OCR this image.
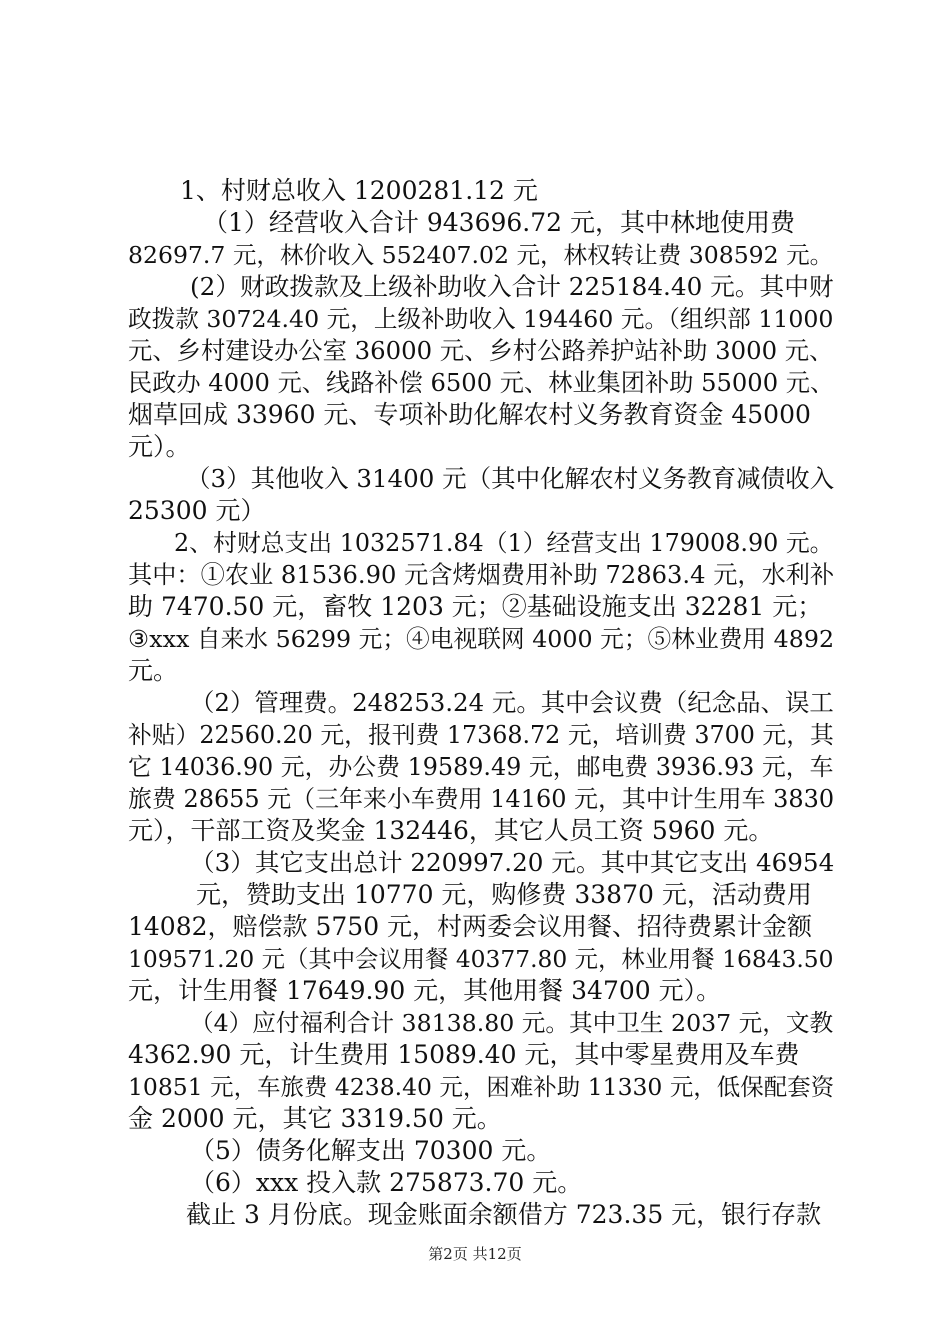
1、村财总收入 1200281.12 元
（1）经营收入合计 943696.72 元，其中林地使用费
82697.7 元，林价收入 552407.02 元，林权转让费 308592 元。
(2）财政拨款及上级补助收入合计 225184.40 元。其中财
政拨款 30724.40 元，上级补助收入 194460 元。（组织部 11000
元、乡村建设办公室 36000 元、乡村公路养护站补助 3000 元、
民政办 4000 元、线路补偿 6500 元、林业集团补助 55000 元、
烟草回成 33960 元、专项补助化解农村义务教育资金 45000
元）。
（3）其他收入 31400 元（其中化解农村义务教育减债收入
25300 元）
2、村财总支出 1032571.84（1）经营支出 179008.90 元。
其中：①农业 81536.90 元含烤烟费用补助 72863.4 元，水利补
助 7470.50 元，畜牧 1203 元；②基础设施支出 32281 元；
③xxx 自来水 56299 元；④电视联网 4000 元；⑤林业费用 4892
元。
（2）管理费。248253.24 元。其中会议费（纪念品、误工
补贴）22560.20 元，报刊费 17368.72 元，培训费 3700 元，其
它 14036.90 元，办公费 19589.49 元，邮电费 3936.93 元，车
旅费 28655 元（三年来小车费用 14160 元，其中计生用车 3830
元），干部工资及奖金 132446，其它人员工资 5960 元。
（3）其它支出总计 220997.20 元。其中其它支出 46954
元，赞助支出 10770 元，购修费 33870 元，活动费用
14082，赔偿款 5750 元，村两委会议用餐、招待费累计金额
109571.20 元（其中会议用餐 40377.80 元，林业用餐 16843.50
元，计生用餐 17649.90 元，其他用餐 34700 元）。
（4）应付福利合计 38138.80 元。其中卫生 2037 元，文教
4362.90 元，计生费用 15089.40 元，其中零星费用及车费
10851 元，车旅费 4238.40 元，困难补助 11330 元，低保配套资
金 2000 元，其它 3319.50 元。
（5）债务化解支出 70300 元。
（6）xxx 投入款 275873.70 元。
截止 3 月份底。现金账面余额借方 723.35 元，银行存款
第2页 共12页
